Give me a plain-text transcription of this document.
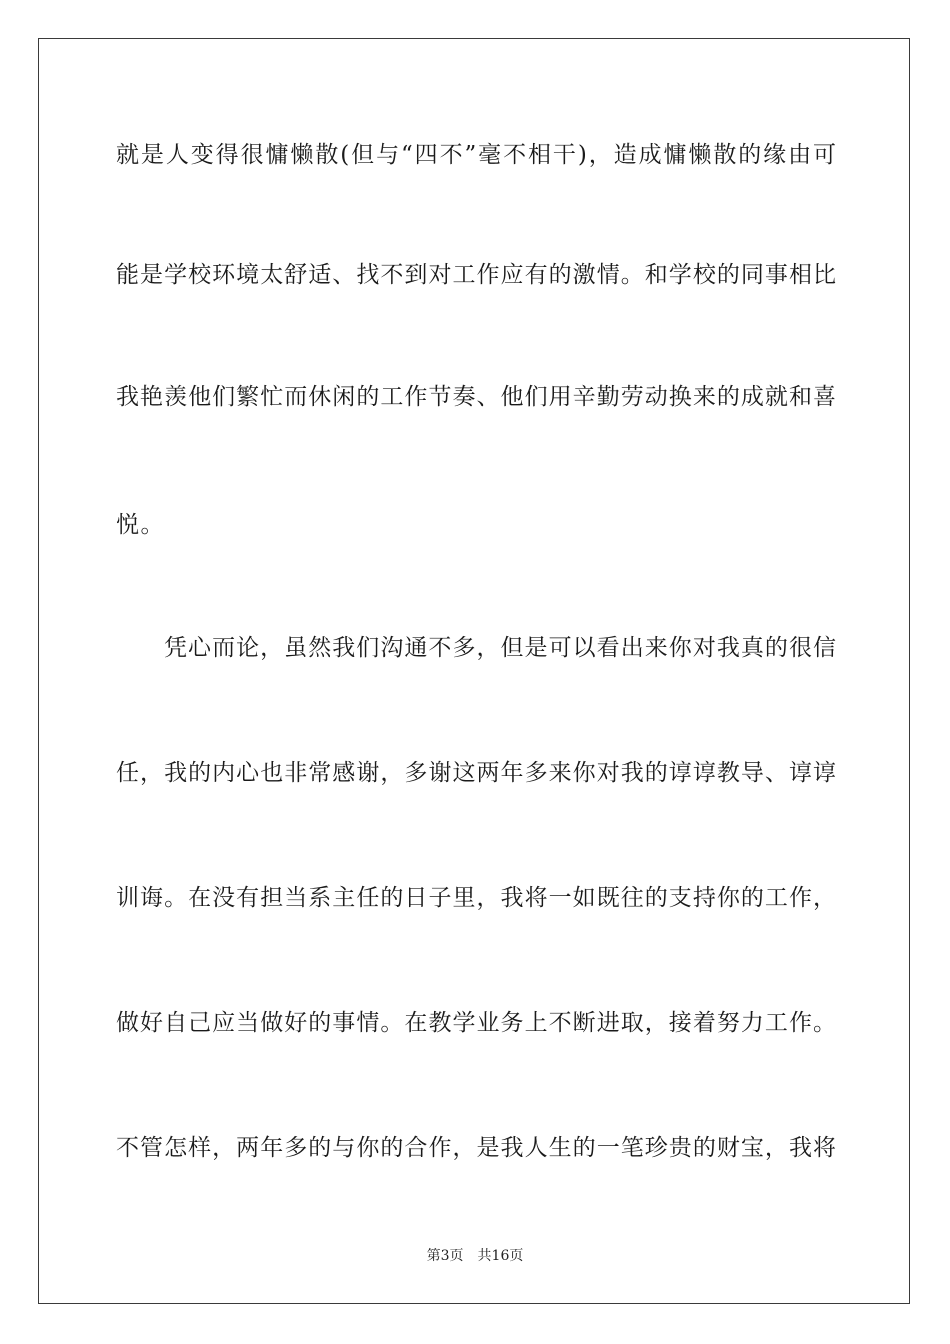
就是人变得很慵懒散(但与“四不”毫不相干)，造成慵懒散的缘由可
能是学校环境太舒适、找不到对工作应有的激情。和学校的同事相比
我艳羡他们繁忙而休闲的工作节奏、他们用辛勤劳动换来的成就和喜
悦。
凭心而论，虽然我们沟通不多，但是可以看出来你对我真的很信
任，我的内心也非常感谢，多谢这两年多来你对我的谆谆教导、谆谆
训诲。在没有担当系主任的日子里，我将一如既往的支持你的工作，
做好自己应当做好的事情。在教学业务上不断进取，接着努力工作。
不管怎样，两年多的与你的合作，是我人生的一笔珍贵的财宝，我将
第3页 共16页
